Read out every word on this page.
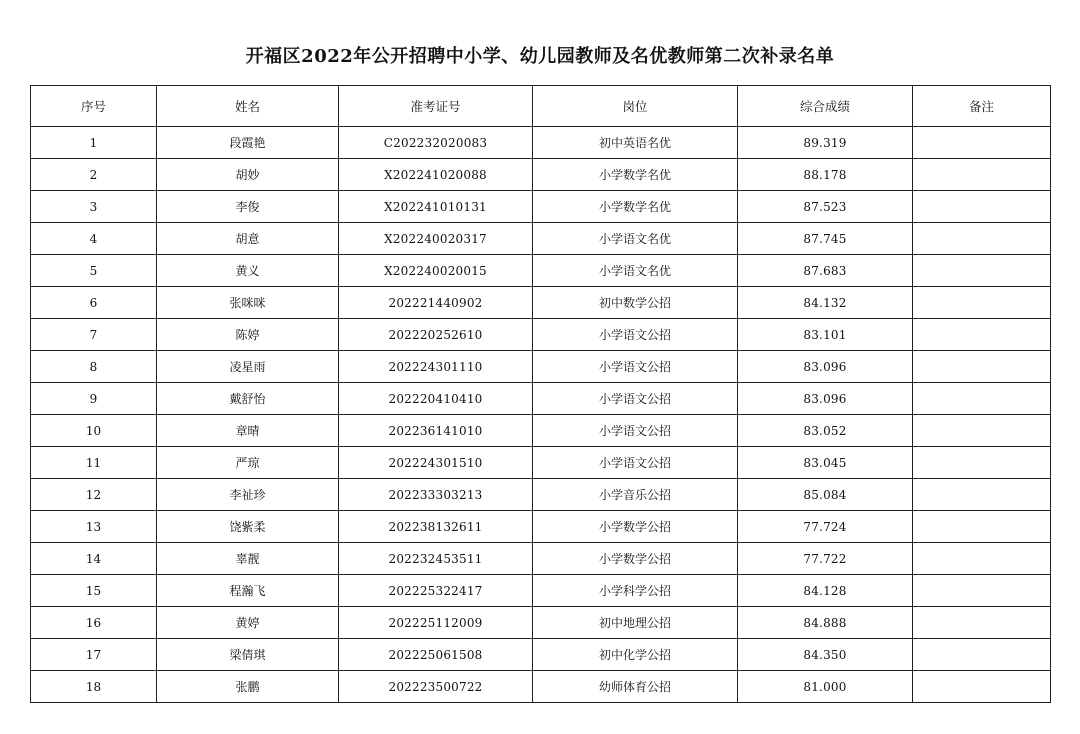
开福区2022年公开招聘中小学、幼儿园教师及名优教师第二次补录名单
序号	姓名	准考证号	岗位	综合成绩	备注
1	段霞艳	C202232020083	初中英语名优	89.319	
2	胡妙	X202241020088	小学数学名优	88.178	
3	李俊	X202241010131	小学数学名优	87.523	
4	胡意	X202240020317	小学语文名优	87.745	
5	黄义	X202240020015	小学语文名优	87.683	
6	张咪咪	202221440902	初中数学公招	84.132	
7	陈婷	202220252610	小学语文公招	83.101	
8	凌星雨	202224301110	小学语文公招	83.096	
9	戴舒怡	202220410410	小学语文公招	83.096	
10	章晴	202236141010	小学语文公招	83.052	
11	严琼	202224301510	小学语文公招	83.045	
12	李祉珍	202233303213	小学音乐公招	85.084	
13	饶紫柔	202238132611	小学数学公招	77.724	
14	辜靓	202232453511	小学数学公招	77.722	
15	程瀚飞	202225322417	小学科学公招	84.128	
16	黄婷	202225112009	初中地理公招	84.888	
17	梁倩琪	202225061508	初中化学公招	84.350	
18	张鹏	202223500722	幼师体育公招	81.000	
